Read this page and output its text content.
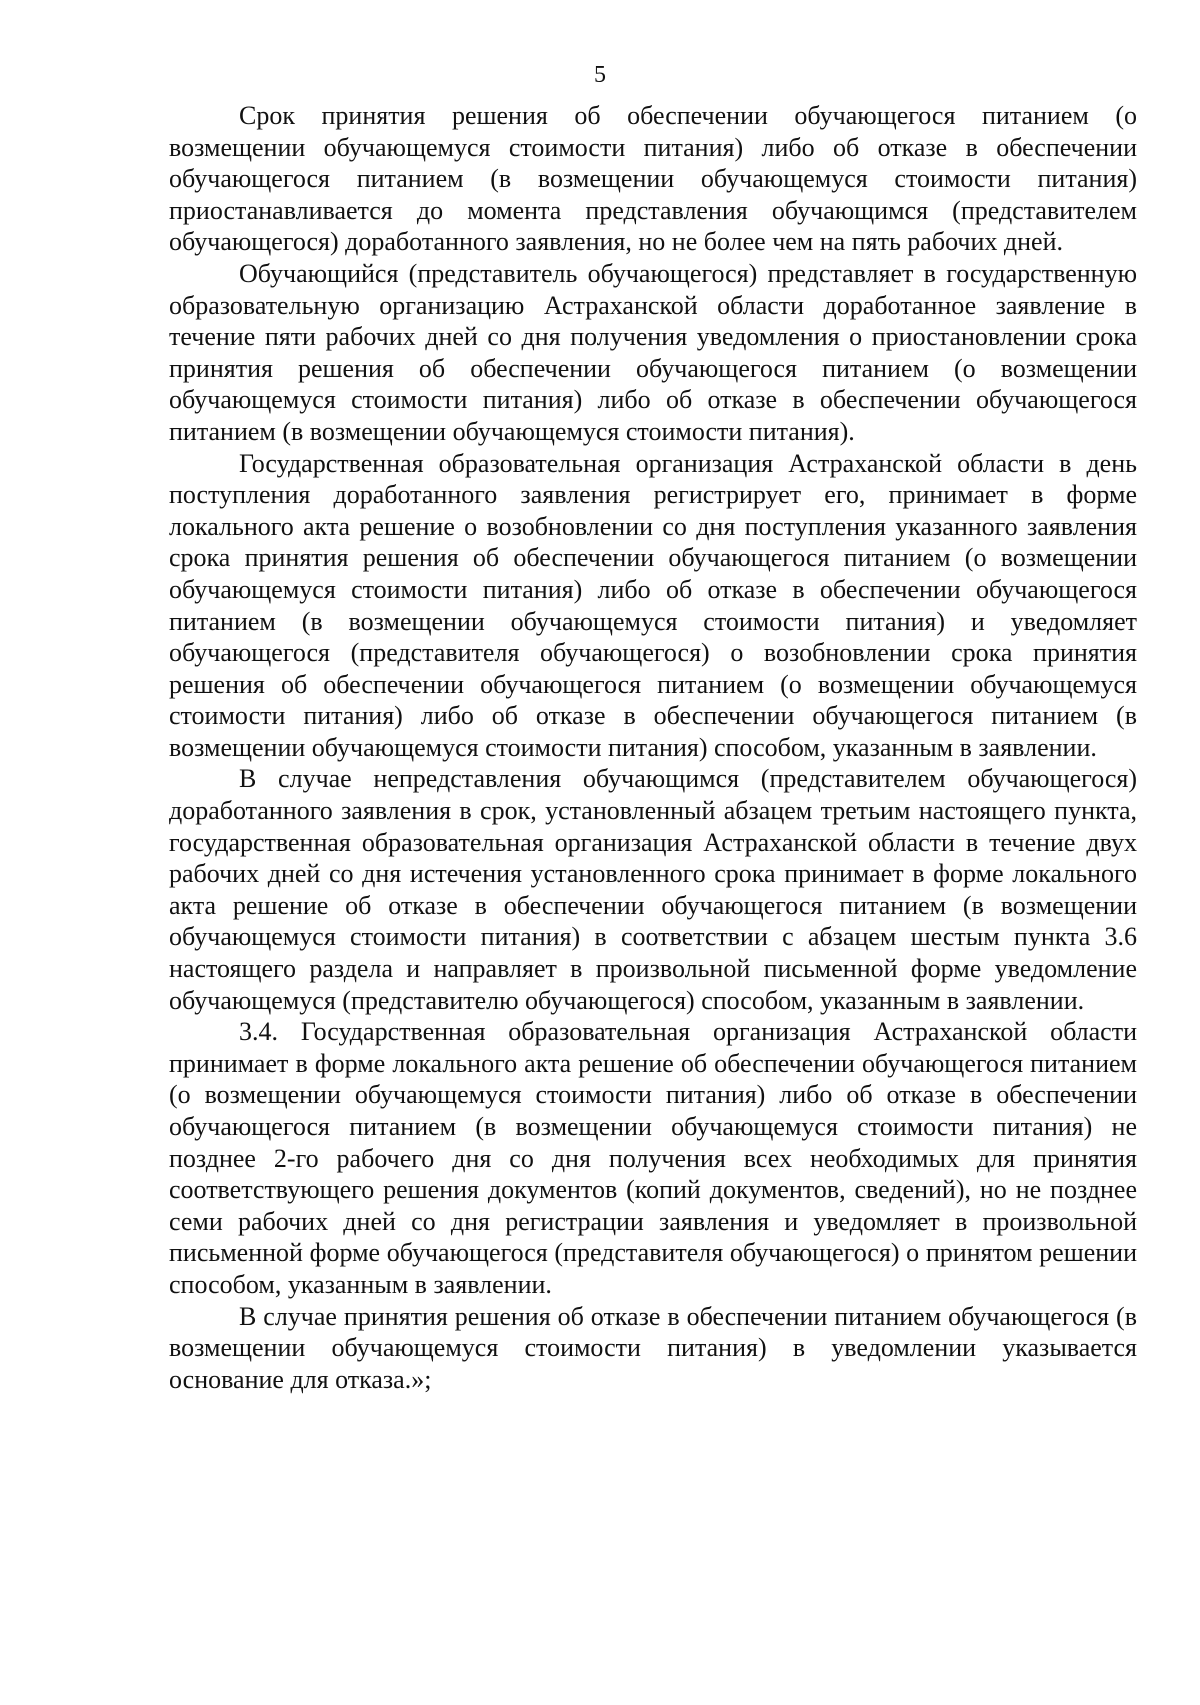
5

Срок принятия решения об обеспечении обучающегося питанием (о возмещении обучающемуся стоимости питания) либо об отказе в обеспечении обучающегося питанием (в возмещении обучающемуся стоимости питания) приостанавливается до момента представления обучающимся (представителем обучающегося) доработанного заявления, но не более чем на пять рабочих дней.

Обучающийся (представитель обучающегося) представляет в государственную образовательную организацию Астраханской области доработанное заявление в течение пяти рабочих дней со дня получения уведомления о приостановлении срока принятия решения об обеспечении обучающегося питанием (о возмещении обучающемуся стоимости питания) либо об отказе в обеспечении обучающегося питанием (в возмещении обучающемуся стоимости питания).

Государственная образовательная организация Астраханской области в день поступления доработанного заявления регистрирует его, принимает в форме локального акта решение о возобновлении со дня поступления указанного заявления срока принятия решения об обеспечении обучающегося питанием (о возмещении обучающемуся стоимости питания) либо об отказе в обеспечении обучающегося питанием (в возмещении обучающемуся стоимости питания) и уведомляет обучающегося (представителя обучающегося) о возобновлении срока принятия решения об обеспечении обучающегося питанием (о возмещении обучающемуся стоимости питания) либо об отказе в обеспечении обучающегося питанием (в возмещении обучающемуся стоимости питания) способом, указанным в заявлении.

В случае непредставления обучающимся (представителем обучающегося) доработанного заявления в срок, установленный абзацем третьим настоящего пункта, государственная образовательная организация Астраханской области в течение двух рабочих дней со дня истечения установленного срока принимает в форме локального акта решение об отказе в обеспечении обучающегося питанием (в возмещении обучающемуся стоимости питания) в соответствии с абзацем шестым пункта 3.6 настоящего раздела и направляет в произвольной письменной форме уведомление обучающемуся (представителю обучающегося) способом, указанным в заявлении.

3.4. Государственная образовательная организация Астраханской области принимает в форме локального акта решение об обеспечении обучающегося питанием (о возмещении обучающемуся стоимости питания) либо об отказе в обеспечении обучающегося питанием (в возмещении обучающемуся стоимости питания) не позднее 2-го рабочего дня со дня получения всех необходимых для принятия соответствующего решения документов (копий документов, сведений), но не позднее семи рабочих дней со дня регистрации заявления и уведомляет в произвольной письменной форме обучающегося (представителя обучающегося) о принятом решении способом, указанным в заявлении.

В случае принятия решения об отказе в обеспечении питанием обучающегося (в возмещении обучающемуся стоимости питания) в уведомлении указывается основание для отказа.»;
